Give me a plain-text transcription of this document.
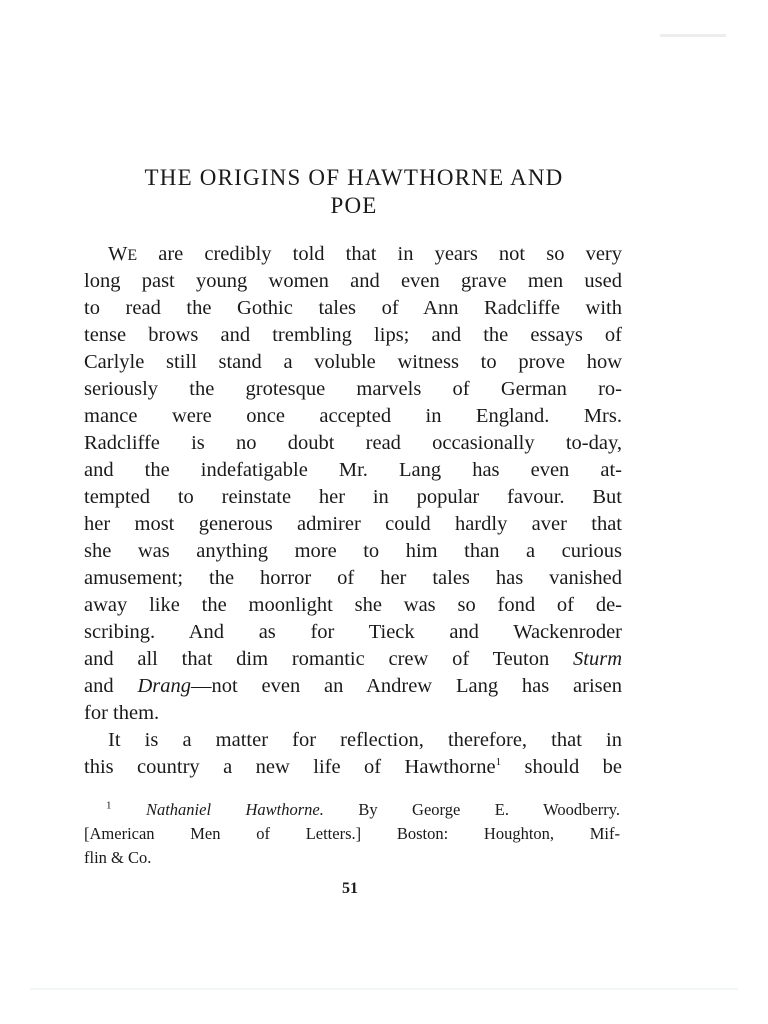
THE ORIGINS OF HAWTHORNE AND
POE
WE are credibly told that in years not so very
long past young women and even grave men used
to read the Gothic tales of Ann Radcliffe with
tense brows and trembling lips; and the essays of
Carlyle still stand a voluble witness to prove how
seriously the grotesque marvels of German ro-
mance were once accepted in England. Mrs.
Radcliffe is no doubt read occasionally to-day,
and the indefatigable Mr. Lang has even at-
tempted to reinstate her in popular favour. But
her most generous admirer could hardly aver that
she was anything more to him than a curious
amusement; the horror of her tales has vanished
away like the moonlight she was so fond of de-
scribing. And as for Tieck and Wackenroder
and all that dim romantic crew of Teuton Sturm
and Drang—not even an Andrew Lang has arisen
for them.
It is a matter for reflection, therefore, that in
this country a new life of Hawthorne$^1$ should be
$^1$ Nathaniel Hawthorne. By George E. Woodberry.
[American Men of Letters.] Boston: Houghton, Mif-
flin & Co.
51
